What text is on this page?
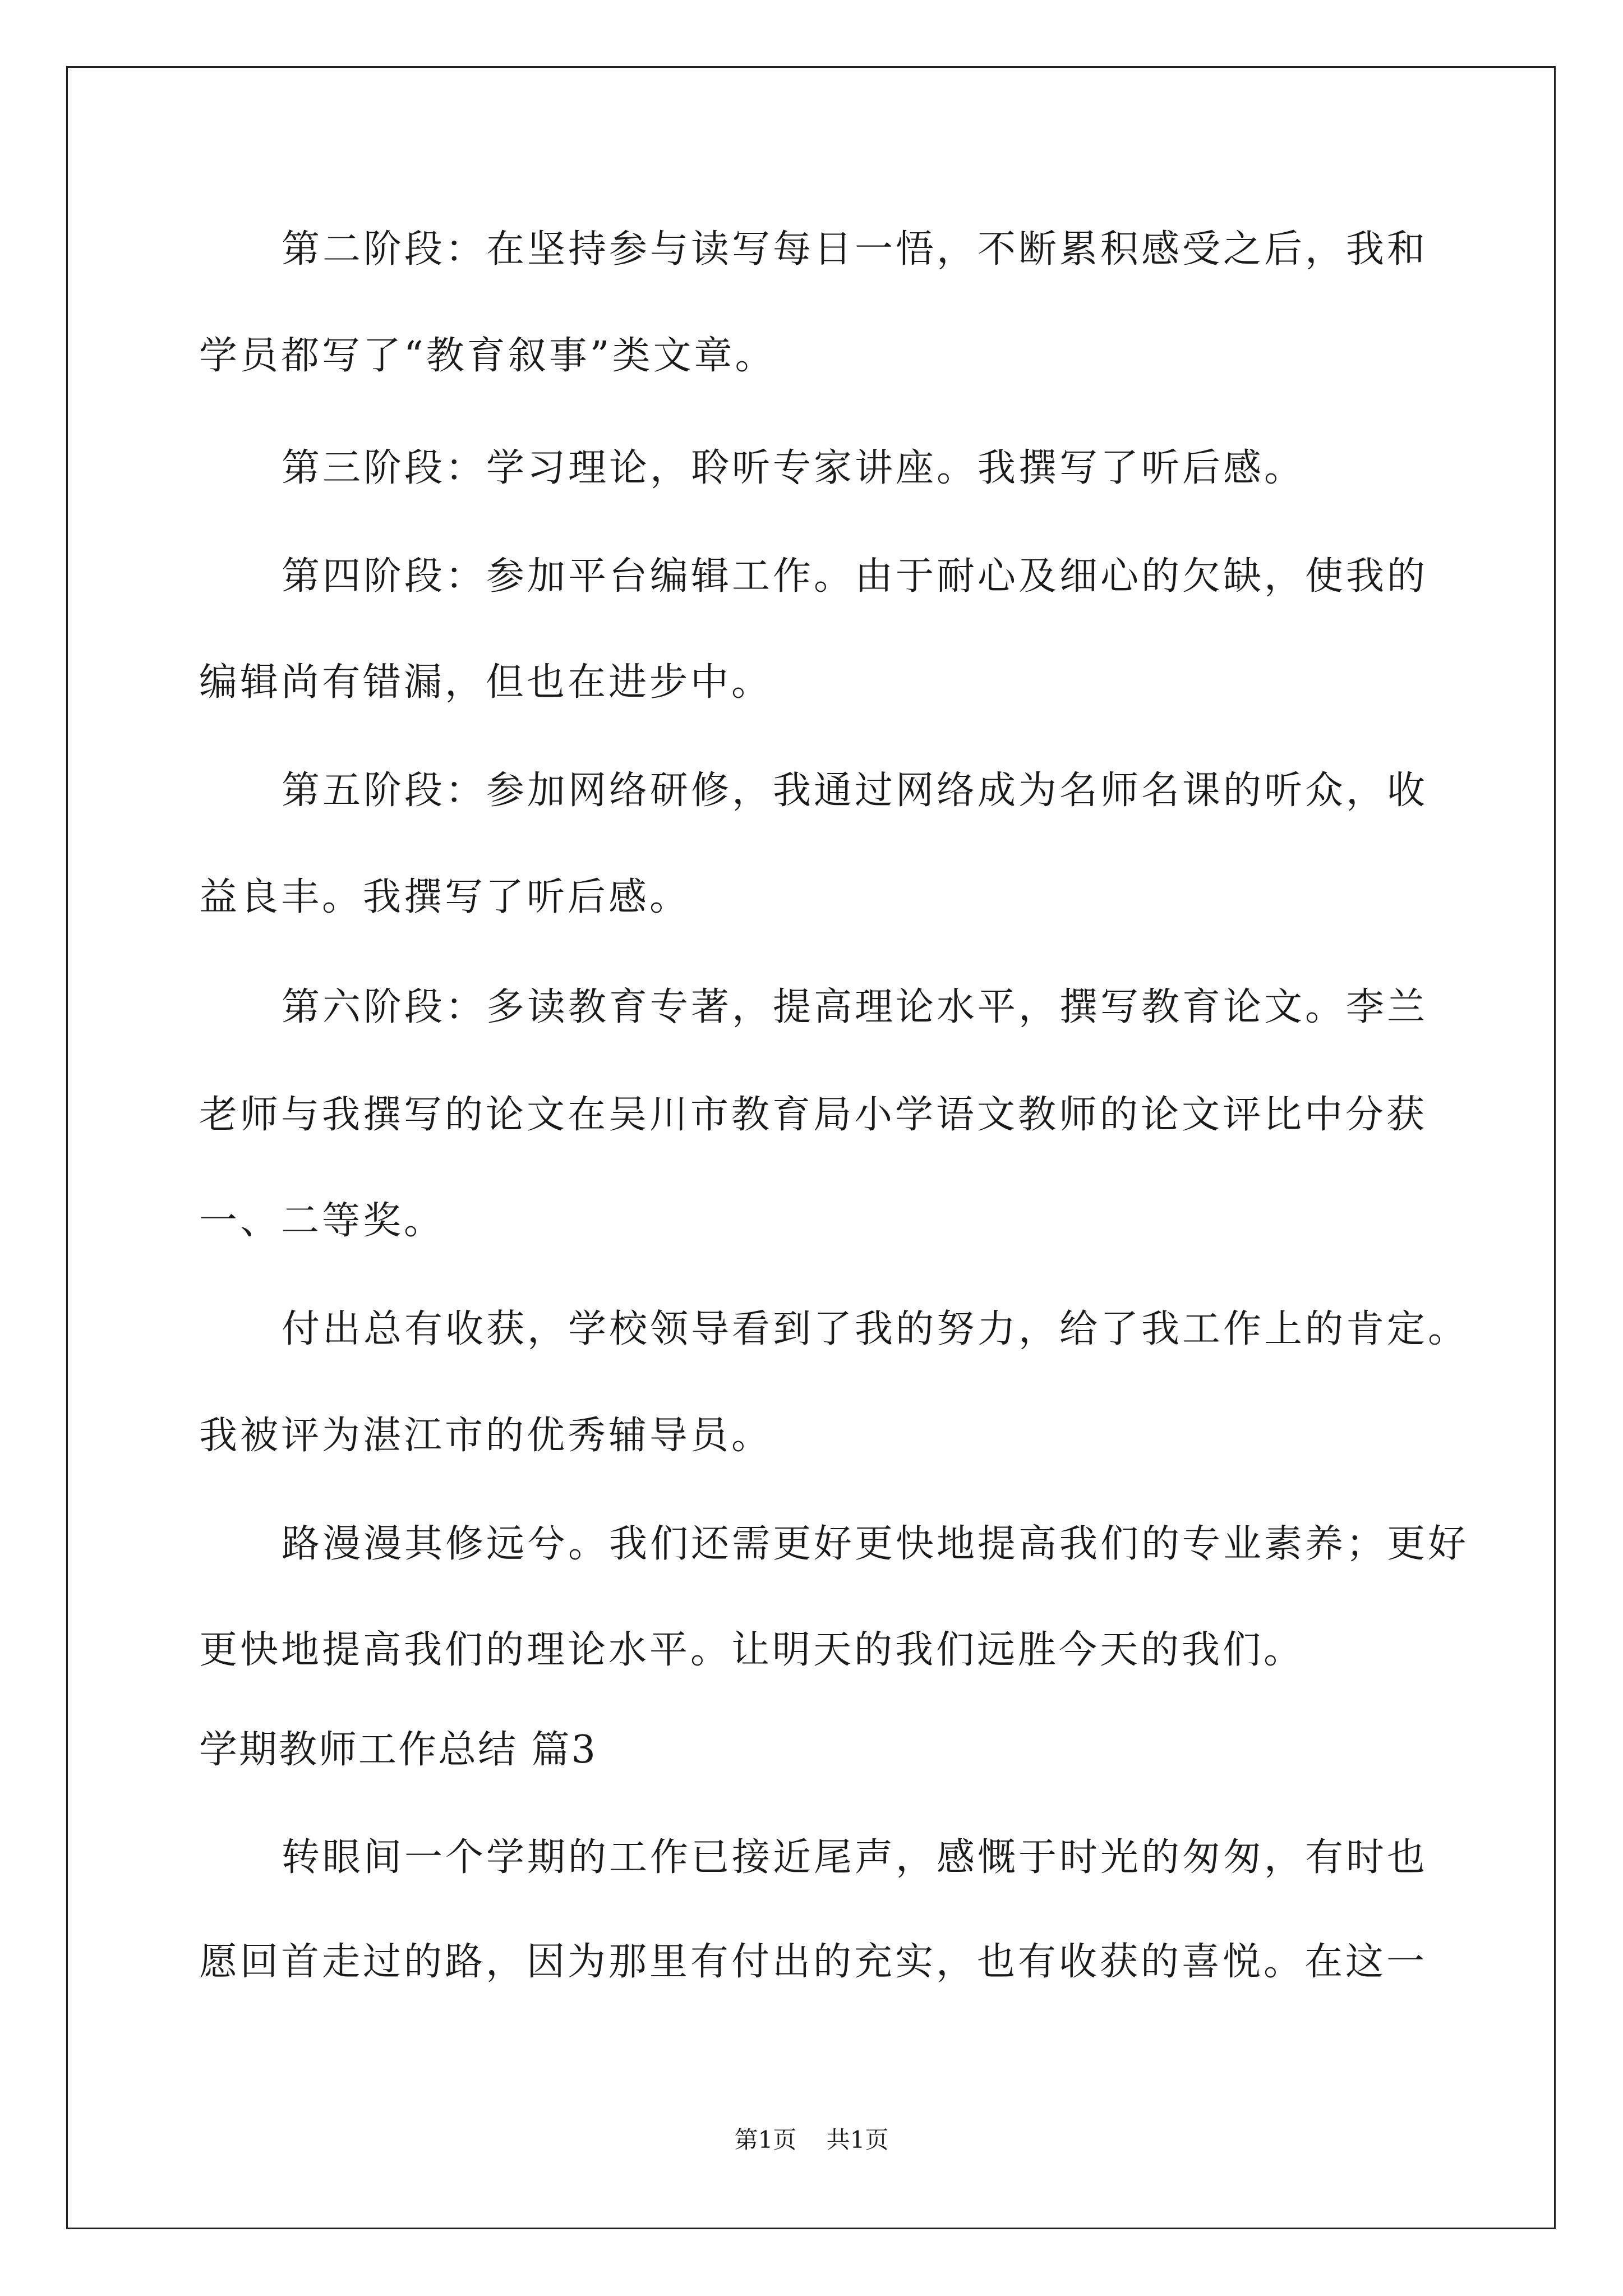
第二阶段：在坚持参与读写每日一悟，不断累积感受之后，我和
学员都写了“教育叙事”类文章。
第三阶段：学习理论，聆听专家讲座。我撰写了听后感。
第四阶段：参加平台编辑工作。由于耐心及细心的欠缺，使我的
编辑尚有错漏，但也在进步中。
第五阶段：参加网络研修，我通过网络成为名师名课的听众，收
益良丰。我撰写了听后感。
第六阶段：多读教育专著，提高理论水平，撰写教育论文。李兰
老师与我撰写的论文在吴川市教育局小学语文教师的论文评比中分获
一、二等奖。
付出总有收获，学校领导看到了我的努力，给了我工作上的肯定。
我被评为湛江市的优秀辅导员。
路漫漫其修远兮。我们还需更好更快地提高我们的专业素养；更好
更快地提高我们的理论水平。让明天的我们远胜今天的我们。
学期教师工作总结 篇3
转眼间一个学期的工作已接近尾声，感慨于时光的匆匆，有时也
愿回首走过的路，因为那里有付出的充实，也有收获的喜悦。在这一
第1页    共1页
